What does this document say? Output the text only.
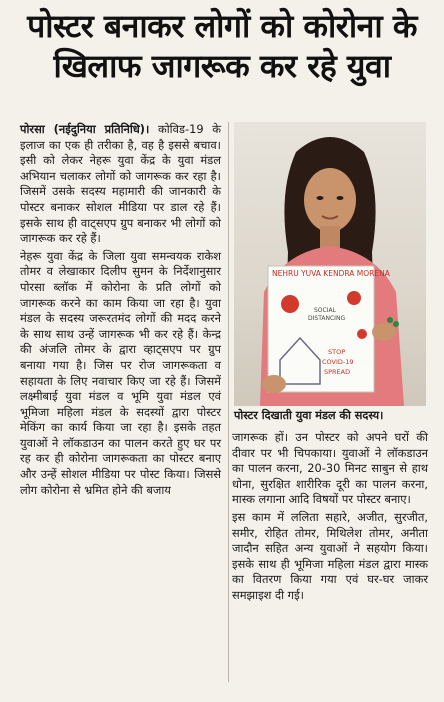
पोस्टर बनाकर लोगों को कोरोना के खिलाफ जागरूक कर रहे युवा

पोरसा (नईदुनिया प्रतिनिधि)। कोविड-19 के इलाज का एक ही तरीका है, वह है इससे बचाव। इसी को लेकर नेहरू युवा केंद्र के युवा मंडल अभियान चलाकर लोगों को जागरूक कर रहा है। जिसमें उसके सदस्य महामारी की जानकारी के पोस्टर बनाकर सोशल मीडिया पर डाल रहे हैं। इसके साथ ही वाट्सएप ग्रुप बनाकर भी लोगों को जागरूक कर रहे हैं।

नेहरू युवा केंद्र के जिला युवा समन्वयक राकेश तोमर व लेखाकार दिलीप सुमन के निर्देशानुसार पोरसा ब्लॉक में कोरोना के प्रति लोगों को जागरूक करने का काम किया जा रहा है। युवा मंडल के सदस्य जरूरतमंद लोगों की मदद करने के साथ साथ उन्हें जागरूक भी कर रहे हैं। केन्द्र की अंजलि तोमर के द्वारा व्हाट्सएप पर ग्रुप बनाया गया है। जिस पर रोज जागरूकता व सहायता के लिए नवाचार किए जा रहे हैं। जिसमें लक्ष्मीबाई युवा मंडल व भूमि युवा मंडल एवं भूमिजा महिला मंडल के सदस्यों द्वारा पोस्टर मेकिंग का कार्य किया जा रहा है। इसके तहत युवाओं ने लॉकडाउन का पालन करते हुए घर पर रह कर ही कोरोना जागरूकता का पोस्टर बनाए और उन्हें सोशल मीडिया पर पोस्ट किया। जिससे लोग कोरोना से भ्रमित होने की बजाय

NEHRU YUVA KENDRA MORENA
SOCIAL
DISTANCING
STOP
COVID-19
SPREAD
पोस्टर दिखाती युवा मंडल की सदस्य।

जागरूक हों। उन पोस्टर को अपने घरों की दीवार पर भी चिपकाया। युवाओं ने लॉकडाउन का पालन करना, 20-30 मिनट साबुन से हाथ धोना, सुरक्षित शारीरिक दूरी का पालन करना, मास्क लगाना आदि विषयों पर पोस्टर बनाए।

इस काम में ललिता सहारे, अजीत, सुरजीत, समीर, रोहित तोमर, मिथिलेश तोमर, अनीता जादौन सहित अन्य युवाओं ने सहयोग किया। इसके साथ ही भूमिजा महिला मंडल द्वारा मास्क का वितरण किया गया एवं घर-घर जाकर समझाइश दी गई।
